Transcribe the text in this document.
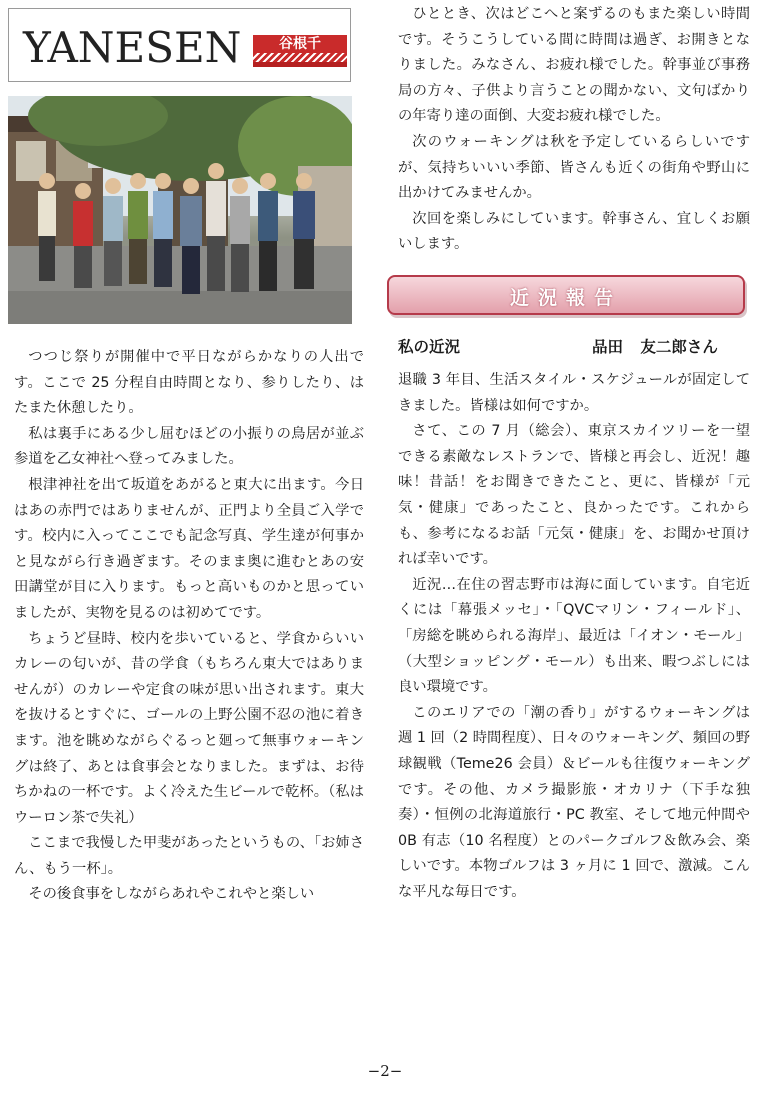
YANESEN	谷根千

つつじ祭りが開催中で平日ながらかなりの人出です。ここで 25 分程自由時間となり、参りしたり、はたまた休憩したり。

私は裏手にある少し屈むほどの小振りの鳥居が並ぶ参道を乙女神社へ登ってみました。

根津神社を出て坂道をあがると東大に出ます。今日はあの赤門ではありませんが、正門より全員ご入学です。校内に入ってここでも記念写真、学生達が何事かと見ながら行き過ぎます。そのまま奥に進むとあの安田講堂が目に入ります。もっと高いものかと思っていましたが、実物を見るのは初めてです。

ちょうど昼時、校内を歩いていると、学食からいいカレーの匂いが、昔の学食（もちろん東大ではありませんが）のカレーや定食の味が思い出されます。東大を抜けるとすぐに、ゴールの上野公園不忍の池に着きます。池を眺めながらぐるっと廻って無事ウォーキングは終了、あとは食事会となりました。まずは、お待ちかねの一杯です。よく冷えた生ビールで乾杯。（私はウーロン茶で失礼）

ここまで我慢した甲斐があったというもの、「お姉さん、もう一杯」。

その後食事をしながらあれやこれやと楽しい

ひととき、次はどこへと案ずるのもまた楽しい時間です。そうこうしている間に時間は過ぎ、お開きとなりました。みなさん、お疲れ様でした。幹事並び事務局の方々、子供より言うことの聞かない、文句ばかりの年寄り達の面倒、大変お疲れ様でした。

次のウォーキングは秋を予定しているらしいですが、気持ちいいい季節、皆さんも近くの街角や野山に出かけてみませんか。

次回を楽しみにしています。幹事さん、宜しくお願いします。

近況報告
私の近況	品田 友二郎さん

退職 3 年目、生活スタイル・スケジュールが固定してきました。皆様は如何ですか。

さて、この 7 月（総会）、東京スカイツリーを一望できる素敵なレストランで、皆様と再会し、近況！趣味！昔話！をお聞きできたこと、更に、皆様が「元気・健康」であったこと、良かったです。これからも、参考になるお話「元気・健康」を、お聞かせ頂ければ幸いです。

近況…在住の習志野市は海に面しています。自宅近くには「幕張メッセ」・「QVCマリン・フィールド」、「房総を眺められる海岸」、最近は「イオン・モール」（大型ショッピング・モール）も出来、暇つぶしには良い環境です。

このエリアでの「潮の香り」がするウォーキングは週 1 回（2 時間程度）、日々のウォーキング、頻回の野球観戦（Teme26 会員）＆ビールも往復ウォーキングです。その他、カメラ撮影旅・オカリナ（下手な独奏）・恒例の北海道旅行・PC 教室、そして地元仲間や 0B 有志（10 名程度）とのパークゴルフ＆飲み会、楽しいです。本物ゴルフは 3 ヶ月に 1 回で、激減。こんな平凡な毎日です。

−2−
